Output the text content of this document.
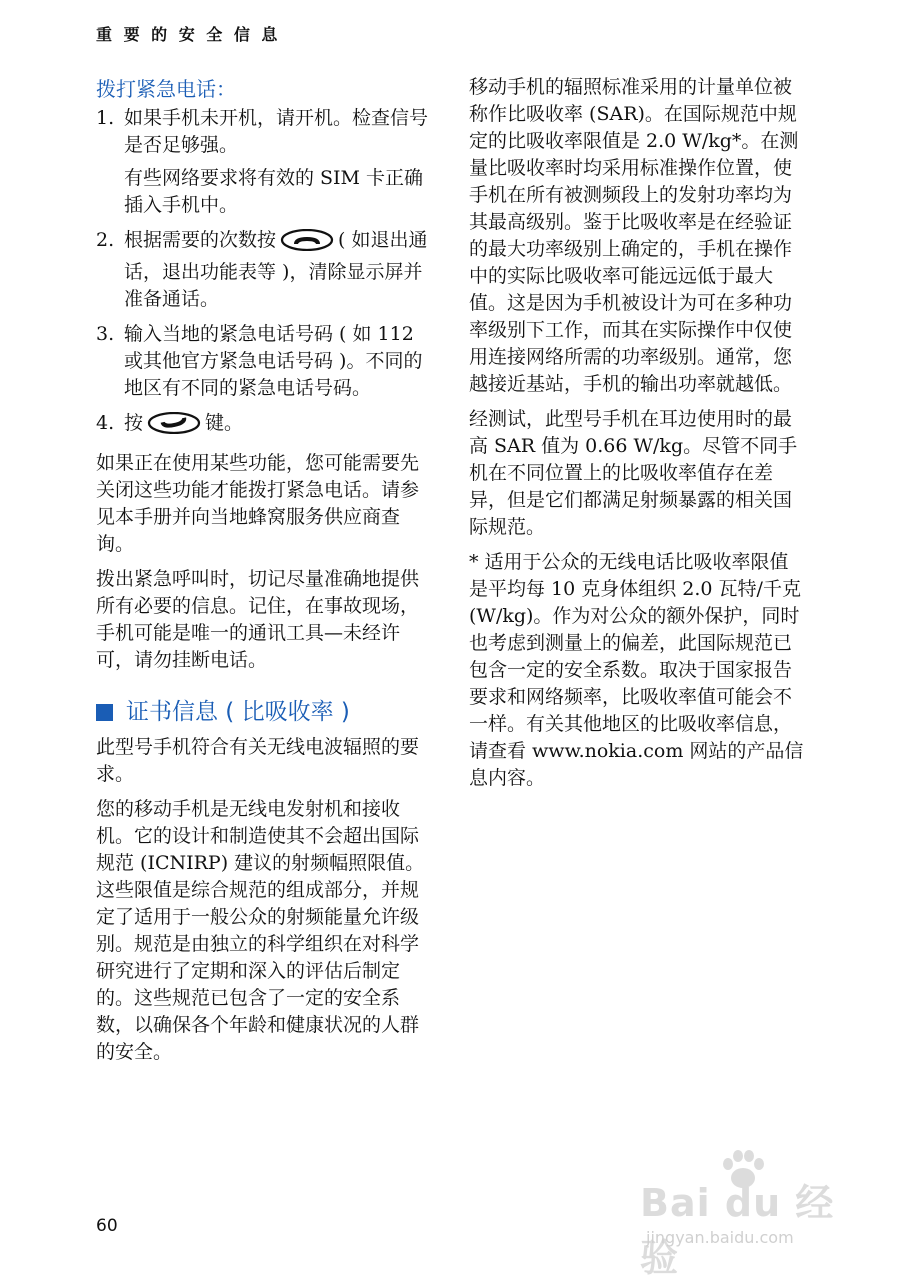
重 要 的 安 全 信 息
拨打紧急电话：
1. 如果手机未开机，请开机。检查信号是否足够强。
有些网络要求将有效的 SIM 卡正确插入手机中。
2. 根据需要的次数按	( 如退出通话，退出功能表等 )，清除显示屏并准备通话。
3. 输入当地的紧急电话号码 ( 如 112 或其他官方紧急电话号码 )。不同的地区有不同的紧急电话号码。
4. 按	键。

如果正在使用某些功能，您可能需要先关闭这些功能才能拨打紧急电话。请参见本手册并向当地蜂窝服务供应商查询。

拨出紧急呼叫时，切记尽量准确地提供所有必要的信息。记住，在事故现场，手机可能是唯一的通讯工具—未经许可，请勿挂断电话。

证书信息 ( 比吸收率 )

此型号手机符合有关无线电波辐照的要求。

您的移动手机是无线电发射机和接收机。它的设计和制造使其不会超出国际规范 (ICNIRP) 建议的射频幅照限值。这些限值是综合规范的组成部分，并规定了适用于一般公众的射频能量允许级别。规范是由独立的科学组织在对科学研究进行了定期和深入的评估后制定的。这些规范已包含了一定的安全系数，以确保各个年龄和健康状况的人群的安全。

移动手机的辐照标准采用的计量单位被称作比吸收率 (SAR)。在国际规范中规定的比吸收率限值是 2.0 W/kg*。在测量比吸收率时均采用标准操作位置，使手机在所有被测频段上的发射功率均为其最高级别。鉴于比吸收率是在经验证的最大功率级别上确定的，手机在操作中的实际比吸收率可能远远低于最大值。这是因为手机被设计为可在多种功率级别下工作，而其在实际操作中仅使用连接网络所需的功率级别。通常，您越接近基站，手机的输出功率就越低。

经测试，此型号手机在耳边使用时的最高 SAR 值为 0.66 W/kg。尽管不同手机在不同位置上的比吸收率值存在差异，但是它们都满足射频暴露的相关国际规范。

* 适用于公众的无线电话比吸收率限值是平均每 10 克身体组织 2.0 瓦特/千克 (W/kg)。作为对公众的额外保护，同时也考虑到测量上的偏差，此国际规范已包含一定的安全系数。取决于国家报告要求和网络频率，比吸收率值可能会不一样。有关其他地区的比吸收率信息，请查看 www.nokia.com 网站的产品信息内容。

60
Bai du 经验
jingyan.baidu.com
